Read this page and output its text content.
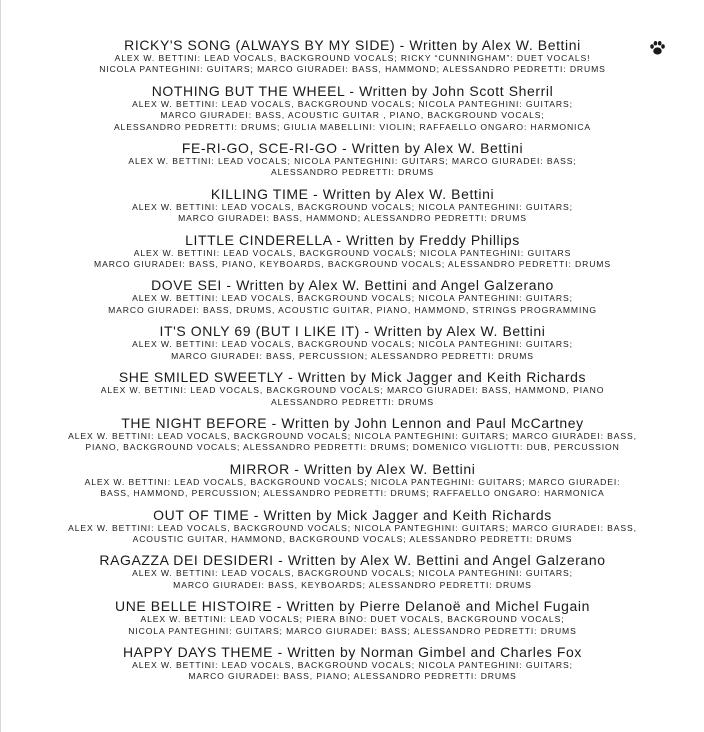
RICKY'S SONG (ALWAYS BY MY SIDE) - Written by Alex W. Bettini
ALEX W. BETTINI: LEAD VOCALS, BACKGROUND VOCALS; RICKY “CUNNINGHAM”: DUET VOCALS!
NICOLA PANTEGHINI: GUITARS; MARCO GIURADEI: BASS, HAMMOND; ALESSANDRO PEDRETTI: DRUMS
NOTHING BUT THE WHEEL - Written by John Scott Sherril
ALEX W. BETTINI: LEAD VOCALS, BACKGROUND VOCALS; NICOLA PANTEGHINI: GUITARS;
MARCO GIURADEI: BASS, ACOUSTIC GUITAR , PIANO, BACKGROUND VOCALS;
ALESSANDRO PEDRETTI: DRUMS; GIULIA MABELLINI: VIOLIN; RAFFAELLO ONGARO: HARMONICA
FE-RI-GO, SCE-RI-GO - Written by Alex W. Bettini
ALEX W. BETTINI: LEAD VOCALS; NICOLA PANTEGHINI: GUITARS; MARCO GIURADEI: BASS;
ALESSANDRO PEDRETTI: DRUMS
KILLING TIME - Written by Alex W. Bettini
ALEX W. BETTINI: LEAD VOCALS, BACKGROUND VOCALS; NICOLA PANTEGHINI: GUITARS;
MARCO GIURADEI: BASS, HAMMOND; ALESSANDRO PEDRETTI: DRUMS
LITTLE CINDERELLA - Written by Freddy Phillips
ALEX W. BETTINI: LEAD VOCALS, BACKGROUND VOCALS; NICOLA PANTEGHINI: GUITARS
MARCO GIURADEI: BASS, PIANO, KEYBOARDS, BACKGROUND VOCALS; ALESSANDRO PEDRETTI: DRUMS
DOVE SEI - Written by Alex W. Bettini and Angel Galzerano
ALEX W. BETTINI: LEAD VOCALS, BACKGROUND VOCALS; NICOLA PANTEGHINI: GUITARS;
MARCO GIURADEI: BASS, DRUMS, ACOUSTIC GUITAR, PIANO, HAMMOND, STRINGS PROGRAMMING
IT'S ONLY 69 (BUT I LIKE IT) - Written by Alex W. Bettini
ALEX W. BETTINI: LEAD VOCALS, BACKGROUND VOCALS; NICOLA PANTEGHINI: GUITARS;
MARCO GIURADEI: BASS, PERCUSSION; ALESSANDRO PEDRETTI: DRUMS
SHE SMILED SWEETLY - Written by Mick Jagger and Keith Richards
ALEX W. BETTINI: LEAD VOCALS, BACKGROUND VOCALS; MARCO GIURADEI: BASS, HAMMOND, PIANO
ALESSANDRO PEDRETTI: DRUMS
THE NIGHT BEFORE - Written by John Lennon and Paul McCartney
ALEX W. BETTINI: LEAD VOCALS, BACKGROUND VOCALS; NICOLA PANTEGHINI: GUITARS; MARCO GIURADEI: BASS,
PIANO, BACKGROUND VOCALS; ALESSANDRO PEDRETTI: DRUMS; DOMENICO VIGLIOTTI: DUB, PERCUSSION
MIRROR - Written by Alex W. Bettini
ALEX W. BETTINI: LEAD VOCALS, BACKGROUND VOCALS; NICOLA PANTEGHINI: GUITARS; MARCO GIURADEI:
BASS, HAMMOND, PERCUSSION; ALESSANDRO PEDRETTI: DRUMS; RAFFAELLO ONGARO: HARMONICA
OUT OF TIME - Written by Mick Jagger and Keith Richards
ALEX W. BETTINI: LEAD VOCALS, BACKGROUND VOCALS; NICOLA PANTEGHINI: GUITARS; MARCO GIURADEI: BASS,
ACOUSTIC GUITAR, HAMMOND, BACKGROUND VOCALS; ALESSANDRO PEDRETTI: DRUMS
RAGAZZA DEI DESIDERI - Written by Alex W. Bettini and Angel Galzerano
ALEX W. BETTINI: LEAD VOCALS, BACKGROUND VOCALS; NICOLA PANTEGHINI: GUITARS;
MARCO GIURADEI: BASS, KEYBOARDS; ALESSANDRO PEDRETTI: DRUMS
UNE BELLE HISTOIRE - Written by Pierre Delanoë and Michel Fugain
ALEX W. BETTINI: LEAD VOCALS; PIERA BINO: DUET VOCALS, BACKGROUND VOCALS;
NICOLA PANTEGHINI: GUITARS; MARCO GIURADEI: BASS; ALESSANDRO PEDRETTI: DRUMS
HAPPY DAYS THEME - Written by Norman Gimbel and Charles Fox
ALEX W. BETTINI: LEAD VOCALS, BACKGROUND VOCALS; NICOLA PANTEGHINI: GUITARS;
MARCO GIURADEI: BASS, PIANO; ALESSANDRO PEDRETTI: DRUMS
